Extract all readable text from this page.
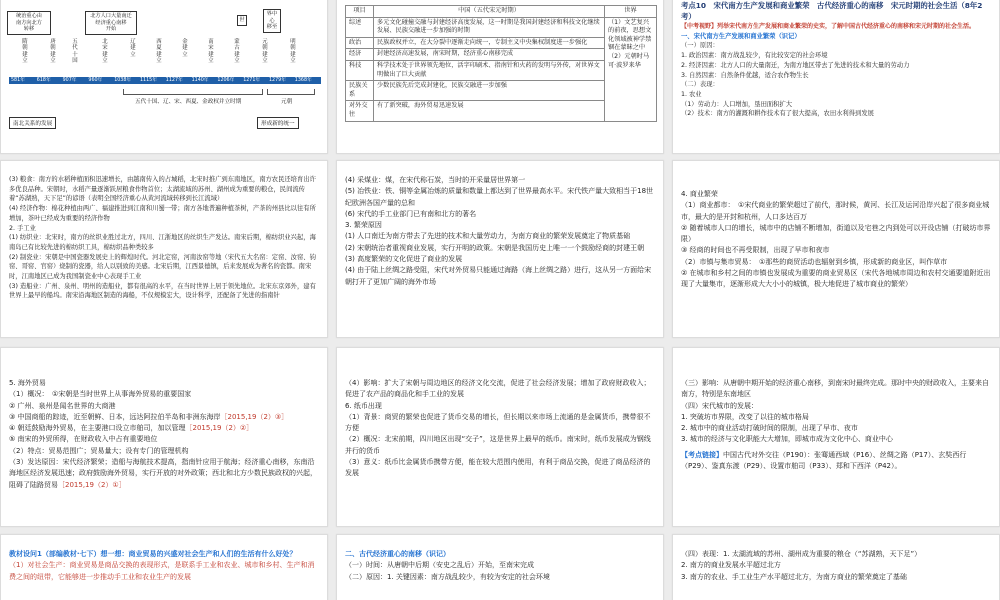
统治重心由
南方向北方
转移
北方人口大量南迁
经济重心南移
开始
世
界中心
移至
隋朝建立
唐朝建立
五代十国
北宋建立
辽建立
西夏建立
金建立
南宋建立
蒙古建立
元朝建立
明朝建立
581年 618年 907年 960年 1038年 1115年 1127年 1140年 1206年 1271年 1279年 1368年
五代十国、辽、宋、西夏、金政权并立时期	元朝
南北关系的发展	形成新的统一
项目	中国（五代宋元时期）	世界
综述	多元文化碰撞交融与封建经济高度发展，这一时期是我国封建经济和科技文化继续发展、民族交融进一步加强的时期	（1）文艺复兴的前夜，思想文化领域被神学禁锢在蒙昧之中
（2）元朝时马可·波罗来华
政治	民族政权并立，在大分裂中逐渐走向统一，专制主义中央集权制度进一步强化	
经济	封建经济高速发展，南宋时期，经济重心南移完成	
科技	科学技术处于世界领先地位，活字印刷术、指南针和火药的发明与外传，对世界文明做出了巨大贡献	
民族关系	少数民族先后完成封建化，民族交融进一步加强	
对外交往	有了新突破，海外贸易迅速发展	

考点10　宋代南方生产发展和商业繁荣　古代经济重心的南移　宋元时期的社会生活（8年2考）

【中考视野】列举宋代南方生产发展和商业繁荣的史实，了解中国古代经济重心的南移和宋元时期的社会生活。

一、宋代南方生产发展和商业繁荣（识记）

（一）原因：

1. 政治因素：南方战乱较少，有比较安定的社会环境

2. 经济因素：北方人口的大量南迁，为南方地区带去了先进的技术和大量的劳动力

3. 自然因素：自然条件优越，适合农作物生长

（二）表现：

1. 农业

（1）劳动力：人口增加，垦田面积扩大

（2）技术：南方的灌溉和耕作技术有了很大提高，农田水利得到发展

(3) 粮食：南方的水稻种植面积迅速增长，由越南传入的占城稻，北宋时推广到东南地区，南方农民还培育出许多优良品种。宋朝时，水稻产量逐渐跃居粮食作物首位；太湖流域的苏州、湖州成为重要的粮仓，民间流传着“苏湖熟，天下足”的谚语（表明全国经济重心从黄河流域转移到长江流域）

(4) 经济作物：棉花种植由两广、福建推进到江南和川蜀一带；南方各地普遍种植茶树，产茶的州县比以往有所增加，茶叶已经成为重要的经济作物

2. 手工业

(1) 纺织业：北宋时，南方的丝织业胜过北方，四川、江浙地区的丝织生产发达。南宋后期，棉纺织业兴起，海南岛已有比较先进的棉纺织工具，棉纺织品种类较多

(2) 制瓷业：宋朝是中国瓷器发展史上的辉煌时代。河北定窑，河南汝窑等地（宋代五大名窑：定窑、汝窑、钧窑、哥窑、官窑）烧制的瓷器，给人以别致的美感。北宋后期，江西景德镇，后来发展成为著名的瓷都。南宋时，江南地区已成为我国制瓷业中心表现手工业

(3) 造船业：广州、泉州、明州的造船业，都有很高的水平，在当时世界上居于领先地位。北宋东京郊外，建有世界上最早的船坞。南宋沿海地区制造的海船，不仅规模宏大，设计科学，还配备了先进的指南针

(4) 采煤业：煤，在宋代称石炭，当时的开采量居世界第一

(5) 冶铁业：铁、铜等金属冶炼的质量和数量上都达到了世界最高水平。宋代铁产量大致相当于18世纪欧洲各国产量的总和

(6) 宋代的手工业部门已有南和北方的著名

3. 繁荣原因

(1) 人口南迁为南方带去了先进的技术和大量劳动力，为南方商业的繁荣发展奠定了物质基础

(2) 宋朝统治者重视商业发展，实行开明的政策。宋朝是我国历史上唯一一个鼓励经商的封建王朝

(3) 高度繁荣的文化促进了商业的发展

(4) 由于陆上丝绸之路受阻，宋代对外贸易只能通过海路（海上丝绸之路）进行，这从另一方面给宋朝打开了更加广阔的海外市场

4. 商业繁荣

（1）商业都市：　①宋代商业的繁荣超过了前代，那时候，黄河、长江及运河沿岸兴起了很多商业城市，最大的是开封和杭州，人口多达百万

② 随着城市人口的增长，城市中的店铺不断增加，街道以及宅巷之内到处可以开设店铺（打破坊市界限）

③ 经商的时间也不再受限制，出现了早市和夜市

（2）市镇与集市贸易：　①那些的商贸活动也辐射到乡镇，形成新的商业区，叫作草市

② 在城市和乡村之间的市镇也发展成为重要的商业贸易区（宋代各地城市周边和农村交通要道附近出现了大量集市，逐渐形成大大小小的城镇，极大地促进了城市商业的繁荣）

5. 海外贸易

（1）概况：　①宋朝是当时世界上从事海外贸易的重要国家

② 广州、泉州是闻名世界的大商港

③ 中国商船的踪迹，近至朝鲜、日本，远达阿拉伯半岛和非洲东海岸［2015,19（2）③］

④ 朝廷鼓励海外贸易，在主要港口设立市舶司，加以管理［2015,19（2）②］

⑤ 南宋的外贸所得，在财政收入中占有重要地位

（2）特点：贸易范围广；贸易量大；设有专门的管理机构

（3）发达原因：宋代经济繁荣；造船与海航技术提高，指南针应用于航海；经济重心南移，东南沿海地区经济发展迅速；政府鼓励海外贸易，实行开放的对外政策；西北和北方少数民族政权的兴起，阻碍了陆路贸易［2015,19（2）①］

（4）影响：扩大了宋朝与周边地区的经济文化交流，促进了社会经济发展；增加了政府财政收入；促进了农产品的商品化和手工业的发展

6. 纸币出现

（1）背景：商贸的繁荣也促进了货币交易的增长，但长期以来市场上流通的是金属货币，携带很不方便

（2）概况：北宋前期，四川地区出现“交子”，这是世界上最早的纸币。南宋时，纸币发展成为钢线并行的货币

（3）意义：纸币比金属货币携带方便，能在较大范围内使用，有利于商品交换，促进了商品经济的发展

（三）影响：从唐朝中期开始的经济重心南移，到南宋时最终完成。那时中央的财政收入，主要来自南方，特别是东南地区

（四）宋代城市的发展：

1. 突破坊市界限，改变了以往的城市格局

2. 城市中的商业活动打破时间的限制，出现了早市、夜市

3. 城市的经济与文化职能大大增加，即城市成为文化中心、商业中心

【考点链接】中国古代对外交往（P190）：张骞通西域（P16）、丝绸之路（P17）、玄奘西行（P29）、鉴真东渡（P29）、设置市舶司（P33）、郑和下西洋（P42）。

教材设问1（部编教材·七下）想一想：商业贸易的兴盛对社会生产和人们的生活有什么好处？

（1）对社会生产：商业贸易是商品交换的表现形式，是联系手工业和农业、城市和乡村、生产和消费之间的纽带，它能够进一步推动手工业和农业生产的发展

二、古代经济重心的南移（识记）

（一）时间：从唐朝中后期（安史之乱后）开始，至南宋完成

（二）原因：1. 关键因素：南方战乱较少，有较为安定的社会环境

（四）表现：1. 太湖流域的苏州、湖州成为重要的粮仓（“苏湖熟，天下足”）

2. 南方的商业发展水平超过北方

3. 南方的农业、手工业生产水平超过北方，为南方商业的繁荣奠定了基础
